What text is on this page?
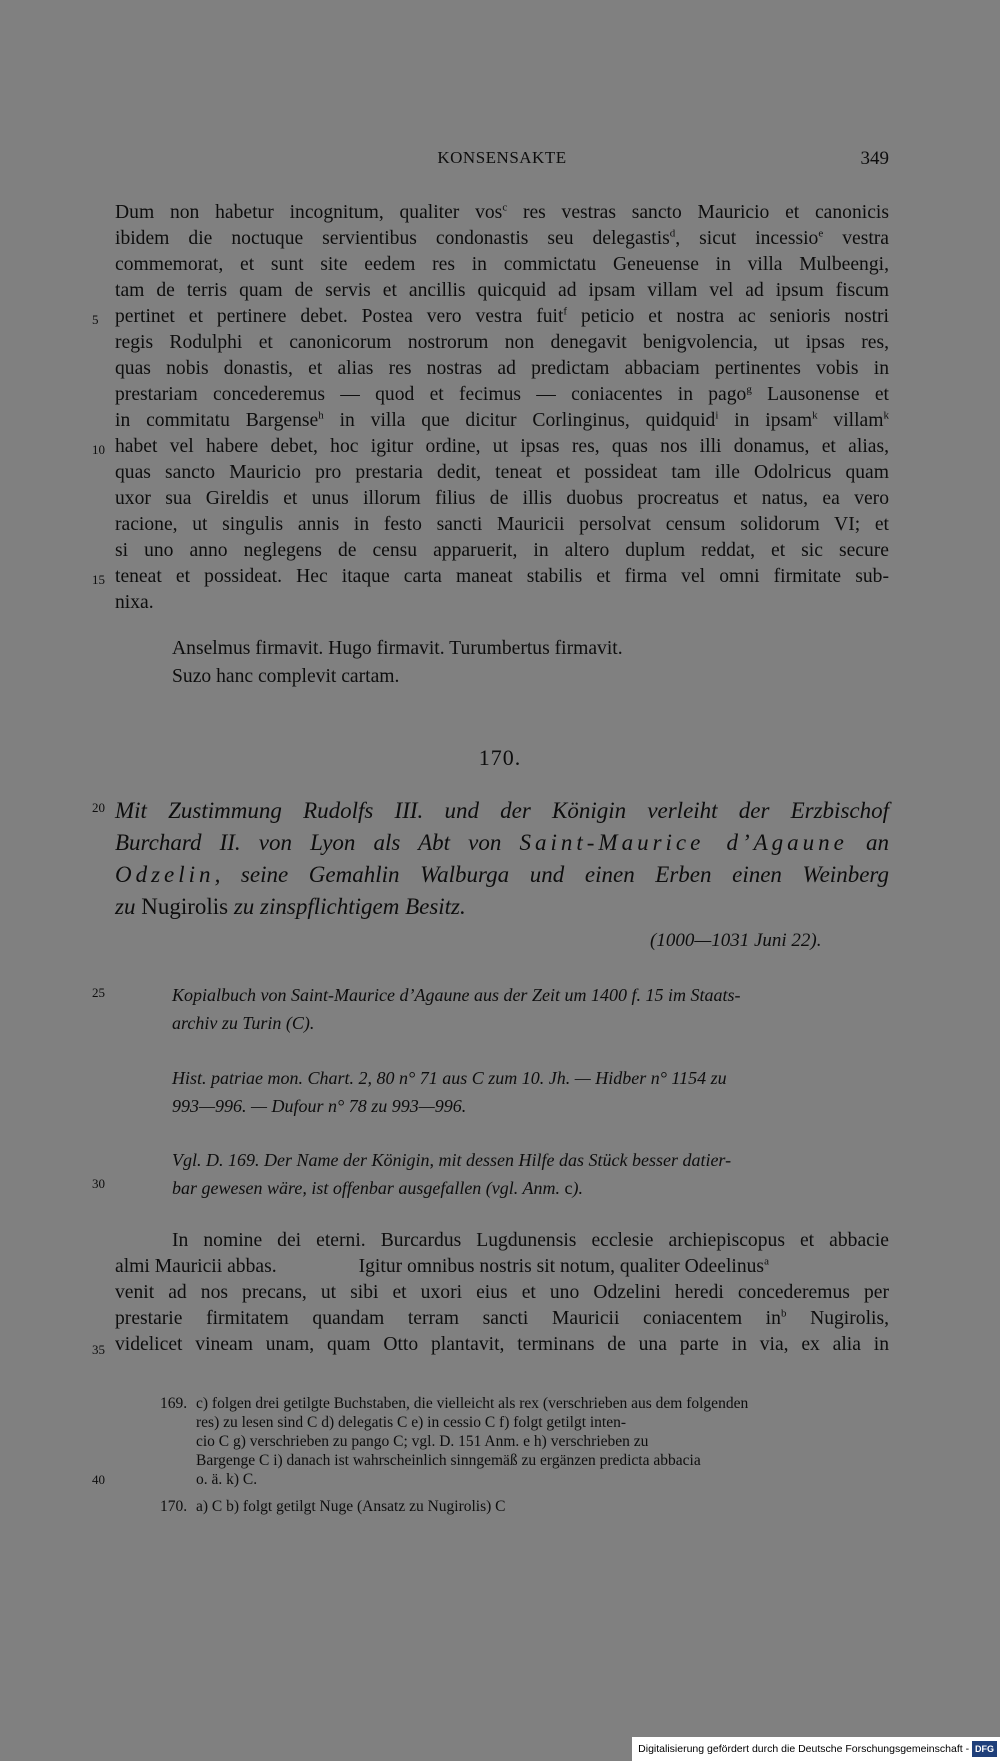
KONSENSAKTE	349
Dum non habetur incognitum, qualiter vos$^c$ res vestras sancto Mauricio et canonicis
ibidem die noctuque servientibus condonastis seu delegastis$^d$, sicut incessio$^e$ vestra
commemorat, et sunt site eedem res in commictatu Geneuense in villa Mulbeengi,
tam de terris quam de servis et ancillis quicquid ad ipsam villam vel ad ipsum fiscum
pertinet et pertinere debet. Postea vero vestra fuit$^f$ peticio et nostra ac senioris nostri
regis Rodulphi et canonicorum nostrorum non denegavit benigvolencia, ut ipsas res,
quas nobis donastis, et alias res nostras ad predictam abbaciam pertinentes vobis in
prestariam concederemus — quod et fecimus — coniacentes in pago$^g$ Lausonense et
in commitatu Bargense$^h$ in villa que dicitur Corlinginus, quidquid$^i$ in ipsam$^k$ villam$^k$
habet vel habere debet, hoc igitur ordine, ut ipsas res, quas nos illi donamus, et alias,
quas sancto Mauricio pro prestaria dedit, teneat et possideat tam ille Odolricus quam
uxor sua Gireldis et unus illorum filius de illis duobus procreatus et natus, ea vero
racione, ut singulis annis in festo sancti Mauricii persolvat censum solidorum VI; et
si uno anno neglegens de censu apparuerit, in altero duplum reddat, et sic secure
teneat et possideat. Hec itaque carta maneat stabilis et firma vel omni firmitate sub-
nixa.
Anselmus firmavit. Hugo firmavit. Turumbertus firmavit.
Suzo hanc complevit cartam.
5
10
15
20
25
30
35
40
170.
Mit Zustimmung Rudolfs III. und der Königin verleiht der Erzbischof
Burchard II. von Lyon als Abt von Saint-Maurice d’Agaune an
Odzelin, seine Gemahlin Walburga und einen Erben einen Weinberg
zu Nugirolis zu zinspflichtigem Besitz.
(1000—1031 Juni 22).
Kopialbuch von Saint-Maurice d’Agaune aus der Zeit um 1400 f. 15 im Staats-
archiv zu Turin (C).
Hist. patriae mon. Chart. 2, 80 n° 71 aus C zum 10. Jh. — Hidber n° 1154 zu
993—996. — Dufour n° 78 zu 993—996.
Vgl. D. 169. Der Name der Königin, mit dessen Hilfe das Stück besser datier-
bar gewesen wäre, ist offenbar ausgefallen (vgl. Anm. c).
In nomine dei eterni. Burcardus Lugdunensis ecclesie archiepiscopus et abbacie
almi Mauricii abbas.	Igitur omnibus nostris sit notum, qualiter Odeelinus$^a$
venit ad nos precans, ut sibi et uxori eius et uno Odzelini heredi concederemus per
prestarie firmitatem quandam terram sancti Mauricii coniacentem $in^b$ Nugirolis,
videlicet vineam unam, quam Otto plantavit, terminans de una parte in via, ex alia in
169. c) folgen drei getilgte Buchstaben, die vielleicht als rex (verschrieben aus dem folgenden
res) zu lesen sind C d) delegatis C e) in cessio C f) folgt getilgt inten-
cio C g) verschrieben zu pango C; vgl. D. 151 Anm. e h) verschrieben zu
Bargenge C i) danach ist wahrscheinlich sinngemäß zu ergänzen predicta abbacia
o. ä. k) C.
170. a) C b) folgt getilgt Nuge (Ansatz zu Nugirolis) C
Digitalisierung gefördert durch die Deutsche Forschungsgemeinschaft - DFG
